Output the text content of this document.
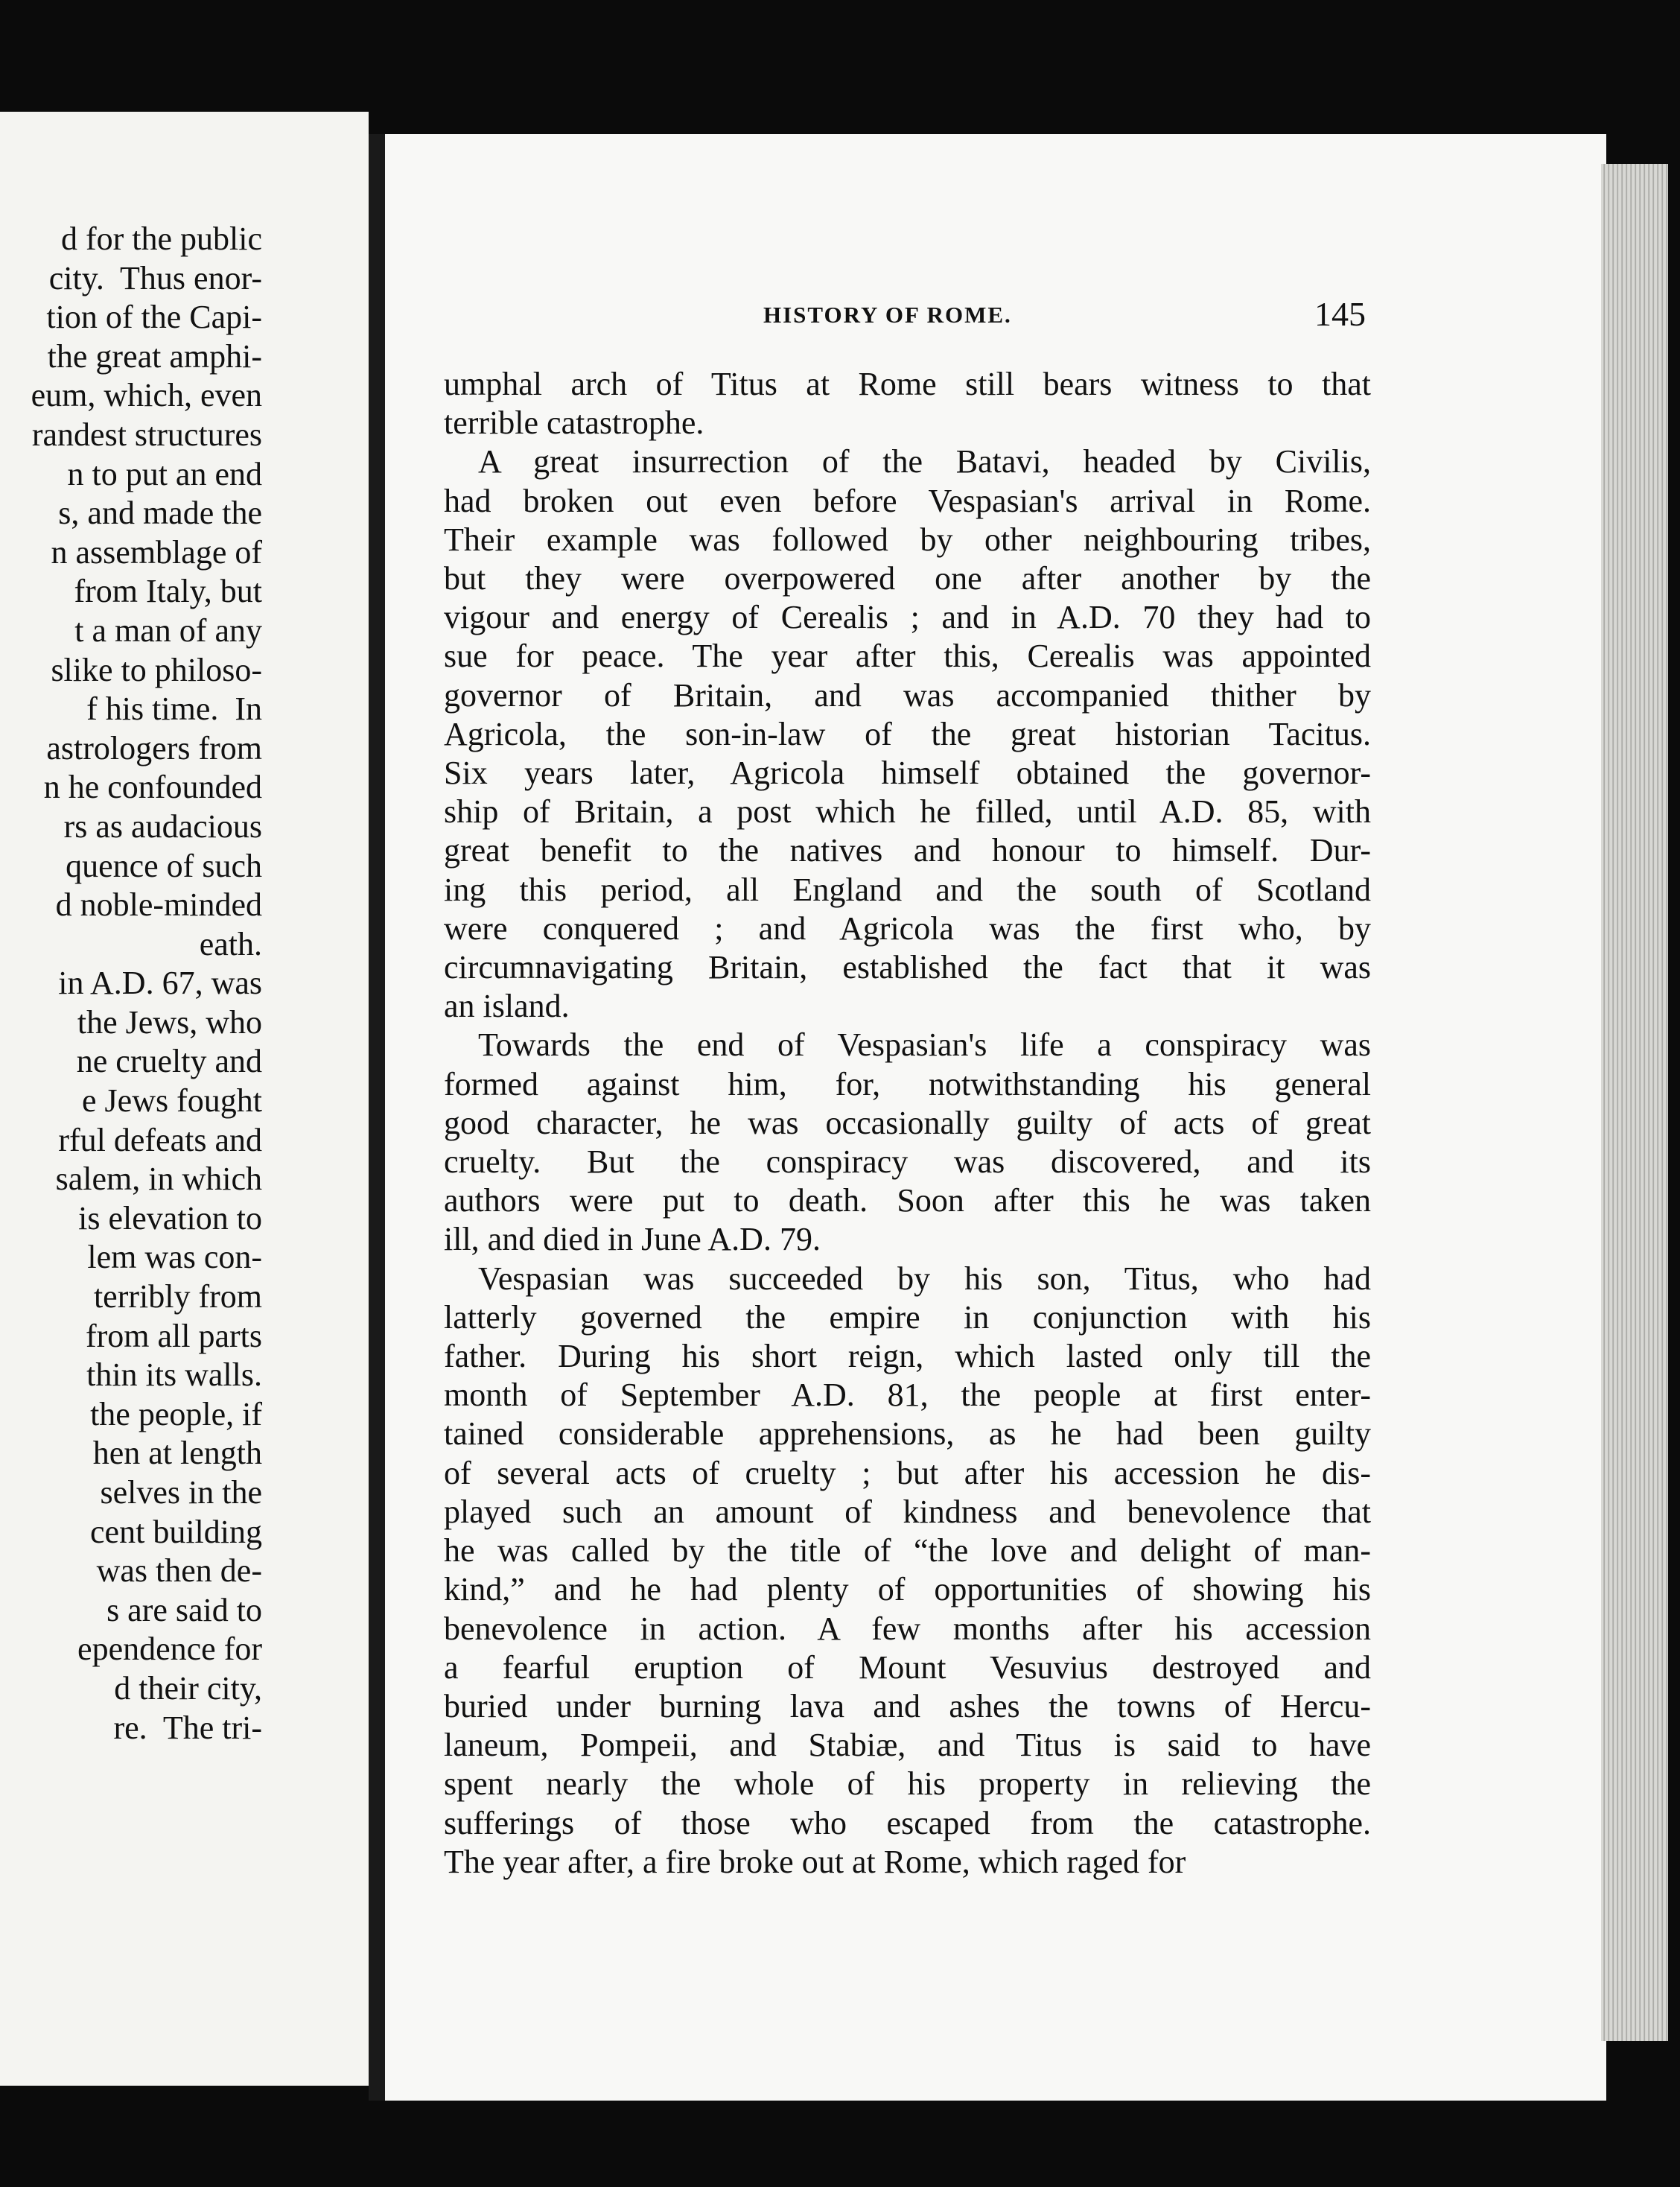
d for the public
city.  Thus enor-
tion of the Capi-
the great amphi-
eum, which, even
randest structures
n to put an end
s, and made the
n assemblage of
from Italy, but
t a man of any
slike to philoso-
f his time.  In
astrologers from
n he confounded
rs as audacious
quence of such
d noble-minded
eath.
in A.D. 67, was
the Jews, who
ne cruelty and
e Jews fought
rful defeats and
salem, in which
is elevation to
lem was con-
terribly from
from all parts
thin its walls.
the people, if
hen at length
selves in the
cent building
was then de-
s are said to
ependence for
d their city,
re.  The tri-
HISTORY OF ROME.	145

umphal arch of Titus at Rome still bears witness to that
terrible catastrophe.

A great insurrection of the Batavi, headed by Civilis,
had broken out even before Vespasian's arrival in Rome.
Their example was followed by other neighbouring tribes,
but they were overpowered one after another by the
vigour and energy of Cerealis ; and in A.D. 70 they had to
sue for peace. The year after this, Cerealis was appointed
governor of Britain, and was accompanied thither by
Agricola, the son-in-law of the great historian Tacitus.
Six years later, Agricola himself obtained the governor-
ship of Britain, a post which he filled, until A.D. 85, with
great benefit to the natives and honour to himself. Dur-
ing this period, all England and the south of Scotland
were conquered ; and Agricola was the first who, by
circumnavigating Britain, established the fact that it was
an island.

Towards the end of Vespasian's life a conspiracy was
formed against him, for, notwithstanding his general
good character, he was occasionally guilty of acts of great
cruelty. But the conspiracy was discovered, and its
authors were put to death. Soon after this he was taken
ill, and died in June A.D. 79.

Vespasian was succeeded by his son, Titus, who had
latterly governed the empire in conjunction with his
father. During his short reign, which lasted only till the
month of September A.D. 81, the people at first enter-
tained considerable apprehensions, as he had been guilty
of several acts of cruelty ; but after his accession he dis-
played such an amount of kindness and benevolence that
he was called by the title of “the love and delight of man-
kind,” and he had plenty of opportunities of showing his
benevolence in action. A few months after his accession
a fearful eruption of Mount Vesuvius destroyed and
buried under burning lava and ashes the towns of Hercu-
laneum, Pompeii, and Stabiæ, and Titus is said to have
spent nearly the whole of his property in relieving the
sufferings of those who escaped from the catastrophe.
The year after, a fire broke out at Rome, which raged for
